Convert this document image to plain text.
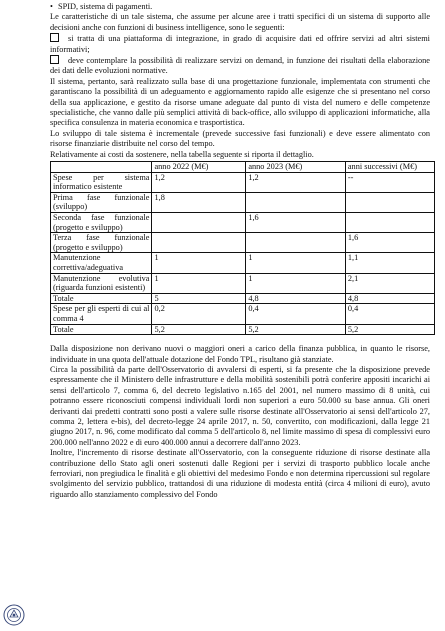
• SPID, sistema di pagamenti.

Le caratteristiche di un tale sistema, che assume per alcune aree i tratti specifici di un sistema di supporto alle decisioni anche con funzioni di business intelligence, sono le seguenti:

si tratta di una piattaforma di integrazione, in grado di acquisire dati ed offrire servizi ad altri sistemi informativi;

deve contemplare la possibilità di realizzare servizi on demand, in funzione dei risultati della elaborazione dei dati delle evoluzioni normative.

Il sistema, pertanto, sarà realizzato sulla base di una progettazione funzionale, implementata con strumenti che garantiscano la possibilità di un adeguamento e aggiornamento rapido alle esigenze che si presentano nel corso della sua applicazione, e gestito da risorse umane adeguate dal punto di vista del numero e delle competenze specialistiche, che vanno dalle più semplici attività di back-office, allo sviluppo di applicazioni informatiche, alla specifica consulenza in materia economica e trasportistica.

Lo sviluppo di tale sistema è incrementale (prevede successive fasi funzionali) e deve essere alimentato con risorse finanziarie distribuite nel corso del tempo.

Relativamente ai costi da sostenere, nella tabella seguente si riporta il dettaglio.

	anno 2022 (M€)	anno 2023 (M€)	anni successivi (M€)
Spese per sistema informatico esistente	1,2	1,2	--
Prima fase funzionale (sviluppo)	1,8		
Seconda fase funzionale (progetto e sviluppo)		1,6	
Terza fase funzionale (progetto e sviluppo)			1,6
Manutenzione correttiva/adeguativa	1	1	1,1
Manutenzione evolutiva (riguarda funzioni esistenti)	1	1	2,1
Totale	5	4,8	4,8
Spese per gli esperti di cui al comma 4	0,2	0,4	0,4
Totale	5,2	5,2	5,2

Dalla disposizione non derivano nuovi o maggiori oneri a carico della finanza pubblica, in quanto le risorse, individuate in una quota dell'attuale dotazione del Fondo TPL, risultano già stanziate.

Circa la possibilità da parte dell'Osservatorio di avvalersi di esperti, si fa presente che la disposizione prevede espressamente che il Ministero delle infrastrutture e della mobilità sostenibili potrà conferire appositi incarichi ai sensi dell'articolo 7, comma 6, del decreto legislativo n.165 del 2001, nel numero massimo di 8 unità, cui potranno essere riconosciuti compensi individuali lordi non superiori a euro 50.000 su base annua. Gli oneri derivanti dai predetti contratti sono posti a valere sulle risorse destinate all'Osservatorio ai sensi dell'articolo 27, comma 2, lettera e-bis), del decreto-legge 24 aprile 2017, n. 50, convertito, con modificazioni, dalla legge 21 giugno 2017, n. 96, come modificato dal comma 5 dell'articolo 8, nel limite massimo di spesa di complessivi euro 200.000 nell'anno 2022 e di euro 400.000 annui a decorrere dall'anno 2023.

Inoltre, l'incremento di risorse destinate all'Osservatorio, con la conseguente riduzione di risorse destinate alla contribuzione dello Stato agli oneri sostenuti dalle Regioni per i servizi di trasporto pubblico locale anche ferroviari, non pregiudica le finalità e gli obiettivi del medesimo Fondo e non determina ripercussioni sul regolare svolgimento del servizio pubblico, trattandosi di una riduzione di modesta entità (circa 4 milioni di euro), avuto riguardo allo stanziamento complessivo del Fondo
